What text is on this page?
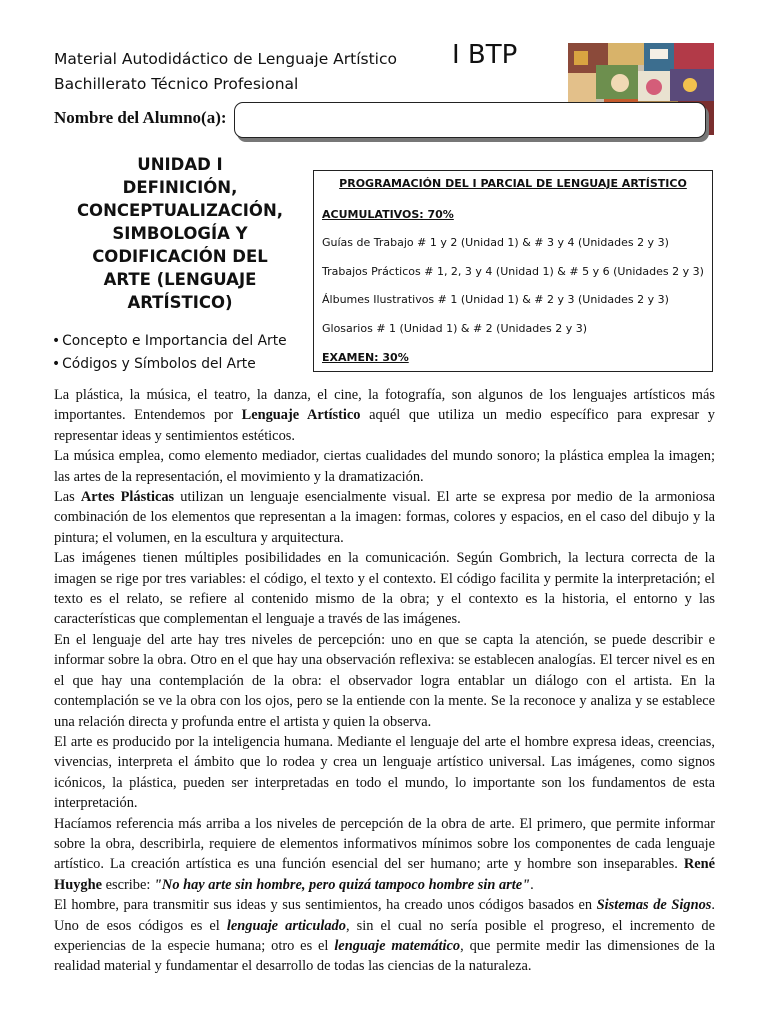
Material Autodidáctico de Lenguaje Artístico
Bachillerato Técnico Profesional
I BTP
Nombre del Alumno(a):
UNIDAD I
DEFINICIÓN,
CONCEPTUALIZACIÓN,
SIMBOLOGÍA Y
CODIFICACIÓN DEL
ARTE (LENGUAJE
ARTÍSTICO)
• Concepto e Importancia del Arte
• Códigos y Símbolos del Arte
PROGRAMACIÓN DEL I PARCIAL DE LENGUAJE ARTÍSTICO
ACUMULATIVOS: 70%
Guías de Trabajo # 1 y 2 (Unidad 1) & # 3 y 4 (Unidades 2 y 3)
Trabajos Prácticos # 1, 2, 3 y 4 (Unidad 1) & # 5 y 6 (Unidades 2 y 3)
Álbumes Ilustrativos # 1 (Unidad 1) & # 2 y 3 (Unidades 2 y 3)
Glosarios # 1 (Unidad 1) & # 2 (Unidades 2 y 3)
EXAMEN: 30%

La plástica, la música, el teatro, la danza, el cine, la fotografía, son algunos de los lenguajes artísticos más importantes. Entendemos por Lenguaje Artístico aquél que utiliza un medio específico para expresar y representar ideas y sentimientos estéticos.

La música emplea, como elemento mediador, ciertas cualidades del mundo sonoro; la plástica emplea la imagen; las artes de la representación, el movimiento y la dramatización.

Las Artes Plásticas utilizan un lenguaje esencialmente visual. El arte se expresa por medio de la armoniosa combinación de los elementos que representan a la imagen: formas, colores y espacios, en el caso del dibujo y la pintura; el volumen, en la escultura y arquitectura.

Las imágenes tienen múltiples posibilidades en la comunicación. Según Gombrich, la lectura correcta de la imagen se rige por tres variables: el código, el texto y el contexto. El código facilita y permite la interpretación; el texto es el relato, se refiere al contenido mismo de la obra; y el contexto es la historia, el entorno y las características que complementan el lenguaje a través de las imágenes.

En el lenguaje del arte hay tres niveles de percepción: uno en que se capta la atención, se puede describir e informar sobre la obra. Otro en el que hay una observación reflexiva: se establecen analogías. El tercer nivel es en el que hay una contemplación de la obra: el observador logra entablar un diálogo con el artista. En la contemplación se ve la obra con los ojos, pero se la entiende con la mente. Se la reconoce y analiza y se establece una relación directa y profunda entre el artista y quien la observa.

El arte es producido por la inteligencia humana. Mediante el lenguaje del arte el hombre expresa ideas, creencias, vivencias, interpreta el ámbito que lo rodea y crea un lenguaje artístico universal. Las imágenes, como signos icónicos, la plástica, pueden ser interpretadas en todo el mundo, lo importante son los fundamentos de esta interpretación.

Hacíamos referencia más arriba a los niveles de percepción de la obra de arte. El primero, que permite informar sobre la obra, describirla, requiere de elementos informativos mínimos sobre los componentes de cada lenguaje artístico. La creación artística es una función esencial del ser humano; arte y hombre son inseparables. René Huyghe escribe: "No hay arte sin hombre, pero quizá tampoco hombre sin arte".

El hombre, para transmitir sus ideas y sus sentimientos, ha creado unos códigos basados en Sistemas de Signos. Uno de esos códigos es el lenguaje articulado, sin el cual no sería posible el progreso, el incremento de experiencias de la especie humana; otro es el lenguaje matemático, que permite medir las dimensiones de la realidad material y fundamentar el desarrollo de todas las ciencias de la naturaleza.
